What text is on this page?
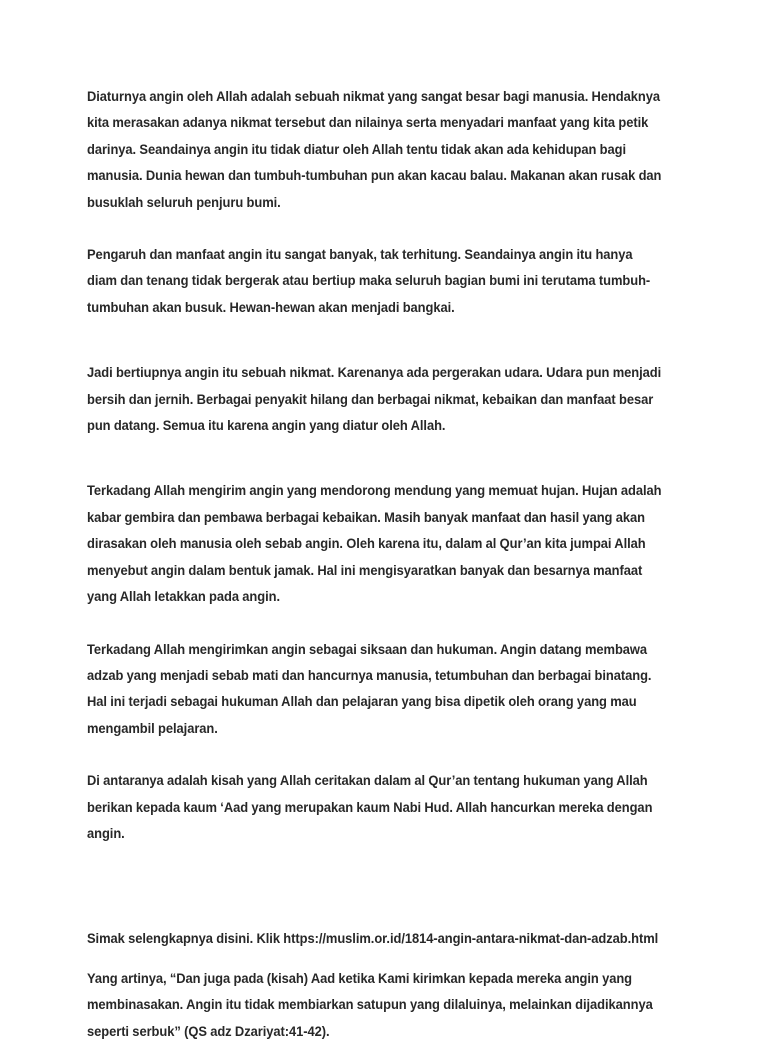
Diaturnya angin oleh Allah adalah sebuah nikmat yang sangat besar bagi manusia. Hendaknya kita merasakan adanya nikmat tersebut dan nilainya serta menyadari manfaat yang kita petik darinya. Seandainya angin itu tidak diatur oleh Allah tentu tidak akan ada kehidupan bagi manusia. Dunia hewan dan tumbuh-tumbuhan pun akan kacau balau. Makanan akan rusak dan busuklah seluruh penjuru bumi.

Pengaruh dan manfaat angin itu sangat banyak, tak terhitung. Seandainya angin itu hanya diam dan tenang tidak bergerak atau bertiup maka seluruh bagian bumi ini terutama tumbuh-tumbuhan akan busuk. Hewan-hewan akan menjadi bangkai.

Jadi bertiupnya angin itu sebuah nikmat. Karenanya ada pergerakan udara. Udara pun menjadi bersih dan jernih. Berbagai penyakit hilang dan berbagai nikmat, kebaikan dan manfaat besar pun datang. Semua itu karena angin yang diatur oleh Allah.

Terkadang Allah mengirim angin yang mendorong mendung yang memuat hujan. Hujan adalah kabar gembira dan pembawa berbagai kebaikan. Masih banyak manfaat dan hasil yang akan dirasakan oleh manusia oleh sebab angin. Oleh karena itu, dalam al Qur’an kita jumpai Allah menyebut angin dalam bentuk jamak. Hal ini mengisyaratkan banyak dan besarnya manfaat yang Allah letakkan pada angin.

Terkadang Allah mengirimkan angin sebagai siksaan dan hukuman. Angin datang membawa adzab yang menjadi sebab mati dan hancurnya manusia, tetumbuhan dan berbagai binatang. Hal ini terjadi sebagai hukuman Allah dan pelajaran yang bisa dipetik oleh orang yang mau mengambil pelajaran.

Di antaranya adalah kisah yang Allah ceritakan dalam al Qur’an tentang hukuman yang Allah berikan kepada kaum ‘Aad yang merupakan kaum Nabi Hud. Allah hancurkan mereka dengan angin.

Simak selengkapnya disini. Klik https://muslim.or.id/1814-angin-antara-nikmat-dan-adzab.html

Yang artinya, “Dan juga pada (kisah) Aad ketika Kami kirimkan kepada mereka angin yang membinasakan. Angin itu tidak membiarkan satupun yang dilaluinya, melainkan dijadikannya seperti serbuk” (QS adz Dzariyat:41-42).
